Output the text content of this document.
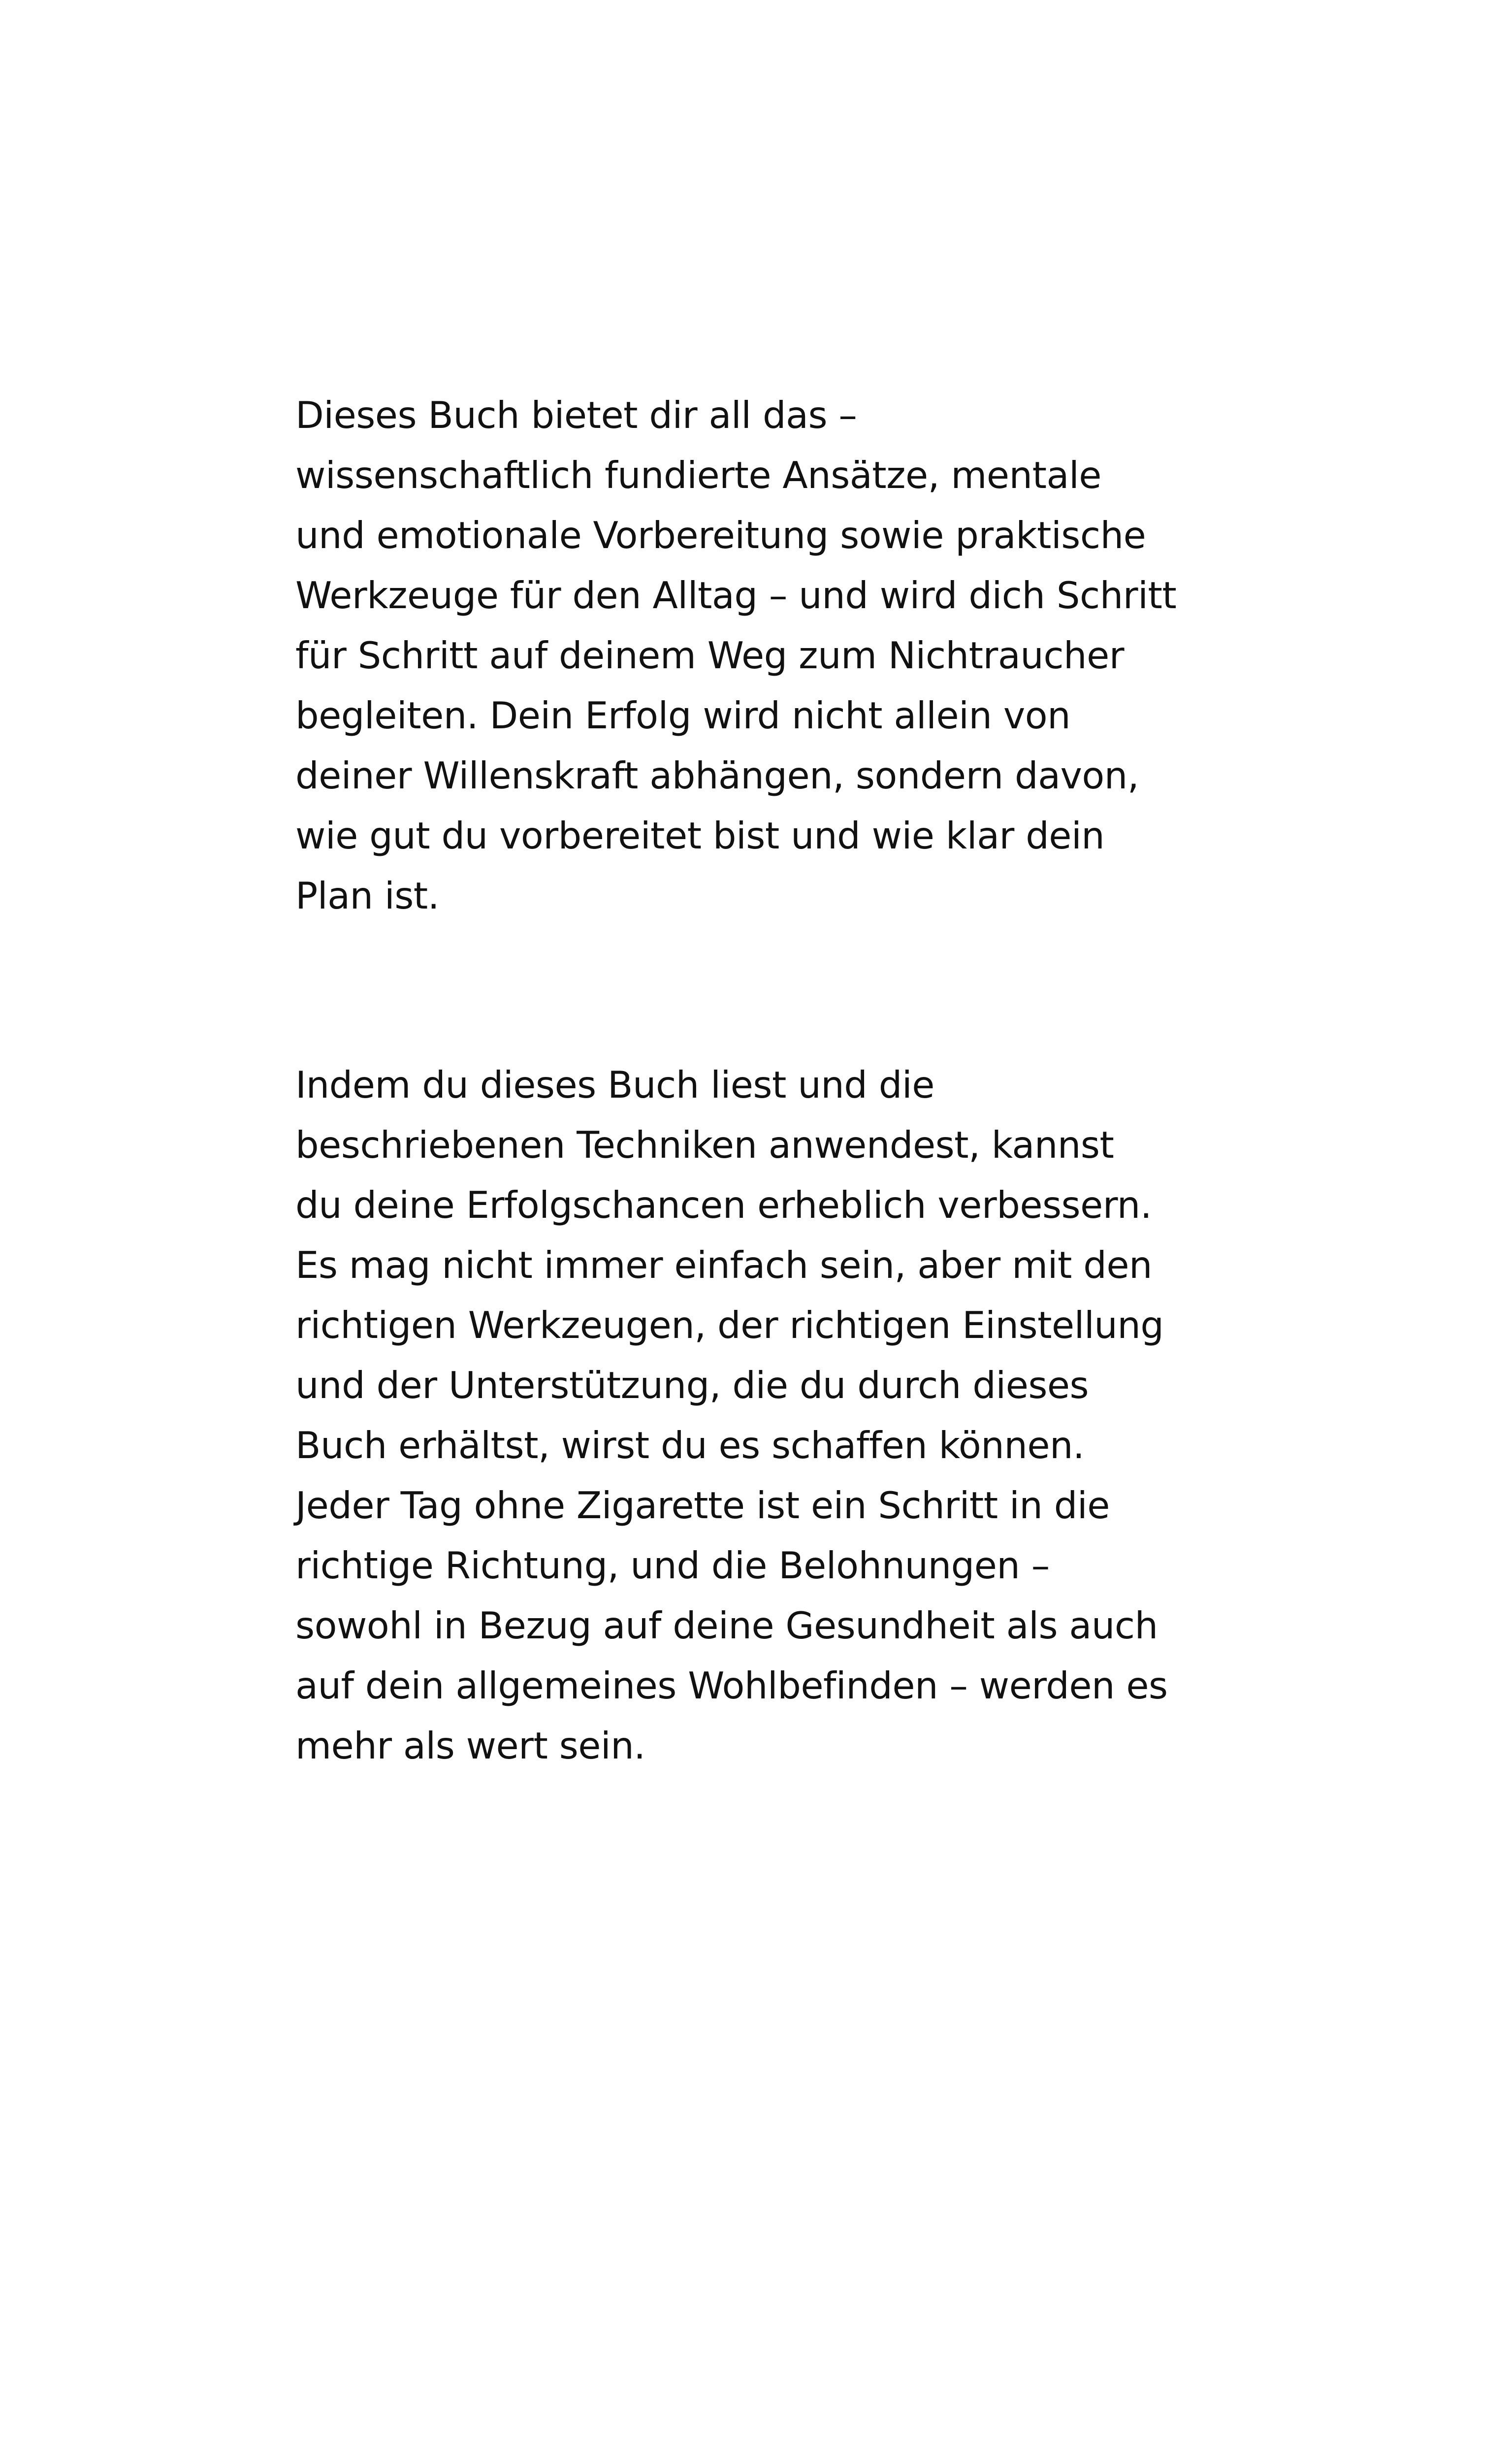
Dieses Buch bietet dir all das –
wissenschaftlich fundierte Ansätze, mentale
und emotionale Vorbereitung sowie praktische
Werkzeuge für den Alltag – und wird dich Schritt
für Schritt auf deinem Weg zum Nichtraucher
begleiten. Dein Erfolg wird nicht allein von
deiner Willenskraft abhängen, sondern davon,
wie gut du vorbereitet bist und wie klar dein
Plan ist.
Indem du dieses Buch liest und die
beschriebenen Techniken anwendest, kannst
du deine Erfolgschancen erheblich verbessern.
Es mag nicht immer einfach sein, aber mit den
richtigen Werkzeugen, der richtigen Einstellung
und der Unterstützung, die du durch dieses
Buch erhältst, wirst du es schaffen können.
Jeder Tag ohne Zigarette ist ein Schritt in die
richtige Richtung, und die Belohnungen –
sowohl in Bezug auf deine Gesundheit als auch
auf dein allgemeines Wohlbefinden – werden es
mehr als wert sein.
